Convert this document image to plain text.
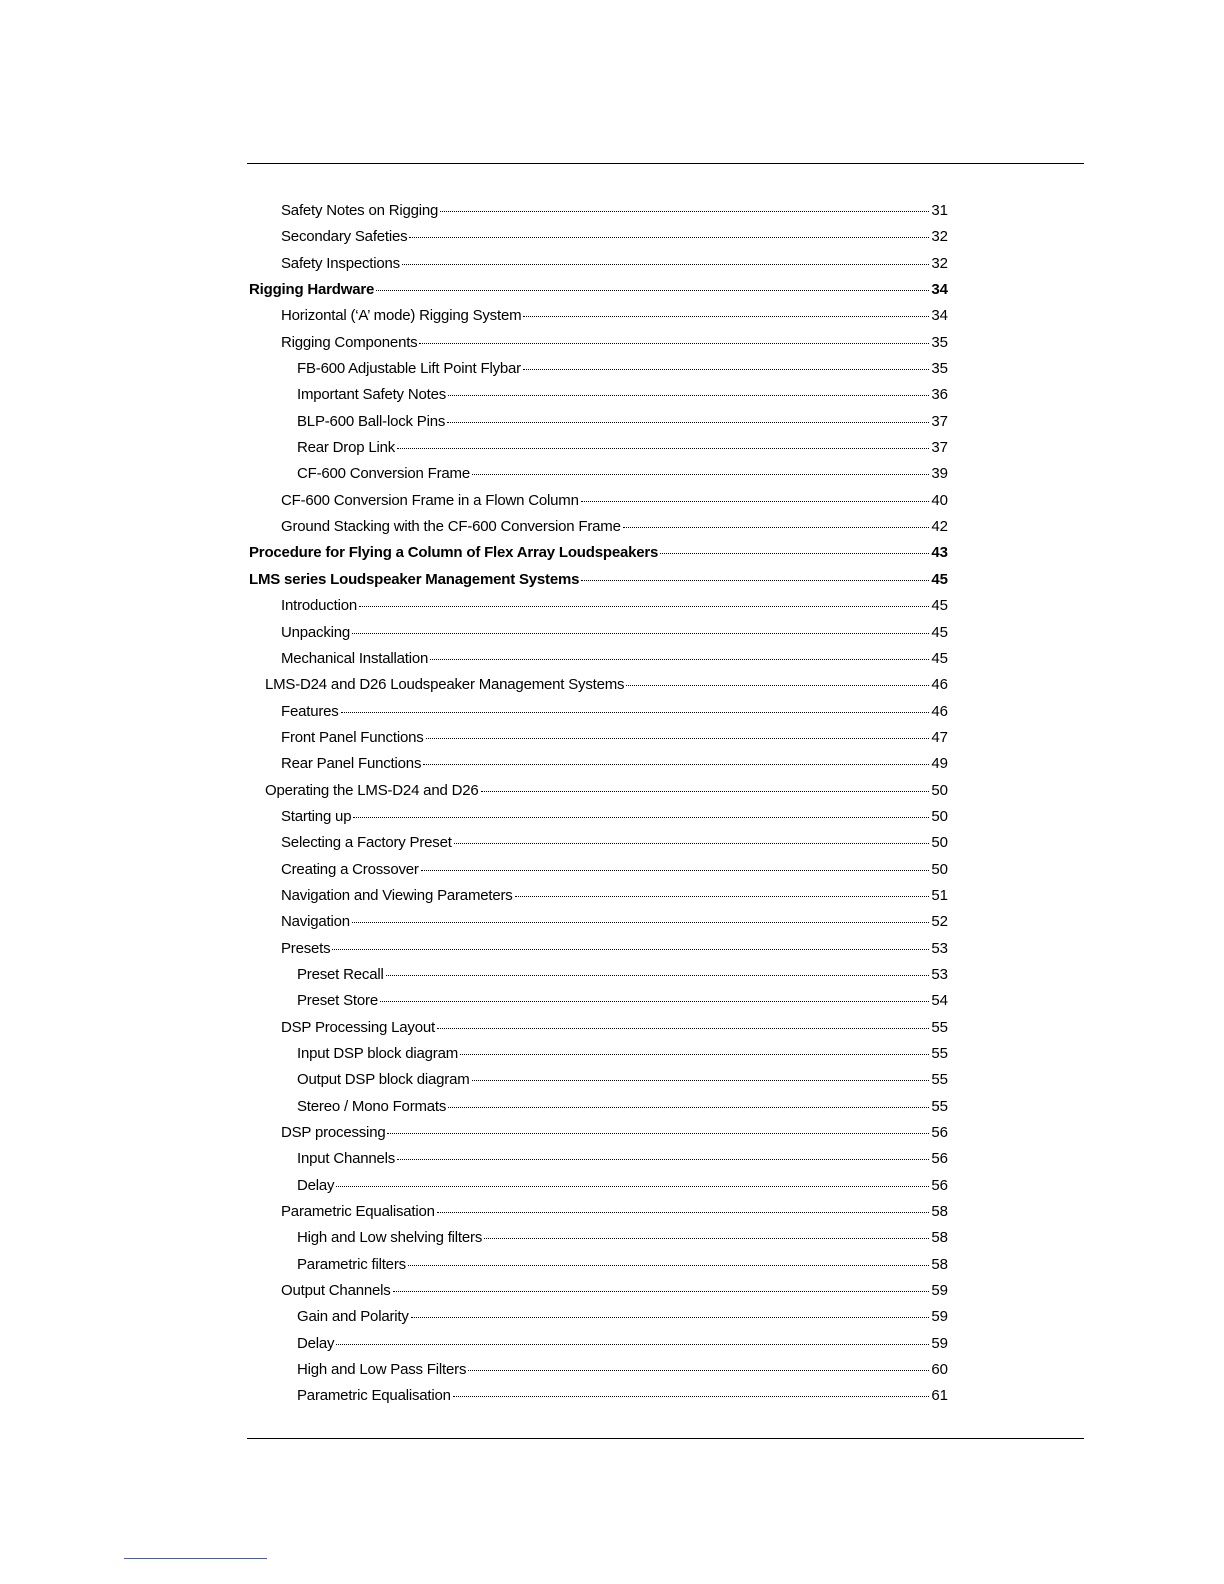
Safety Notes on Rigging	31
Secondary Safeties	32
Safety Inspections	32
Rigging Hardware	34
Horizontal (‘A’ mode) Rigging System	34
Rigging Components	35
FB-600 Adjustable Lift Point Flybar	35
Important Safety Notes	36
BLP-600 Ball-lock Pins	37
Rear Drop Link	37
CF-600 Conversion Frame	39
CF-600 Conversion Frame in a Flown Column	40
Ground Stacking with the CF-600 Conversion Frame	42
Procedure for Flying a Column of Flex Array Loudspeakers	43
LMS series Loudspeaker Management Systems	45
Introduction	45
Unpacking	45
Mechanical Installation	45
LMS-D24 and D26 Loudspeaker Management Systems	46
Features	46
Front Panel Functions	47
Rear Panel Functions	49
Operating the LMS-D24 and D26	50
Starting up	50
Selecting a Factory Preset	50
Creating a Crossover	50
Navigation and Viewing Parameters	51
Navigation	52
Presets	53
Preset Recall	53
Preset Store	54
DSP Processing Layout	55
Input DSP block diagram	55
Output DSP block diagram	55
Stereo / Mono Formats	55
DSP processing	56
Input Channels	56
Delay	56
Parametric Equalisation	58
High and Low shelving filters	58
Parametric filters	58
Output Channels	59
Gain and Polarity	59
Delay	59
High and Low Pass Filters	60
Parametric Equalisation	61
